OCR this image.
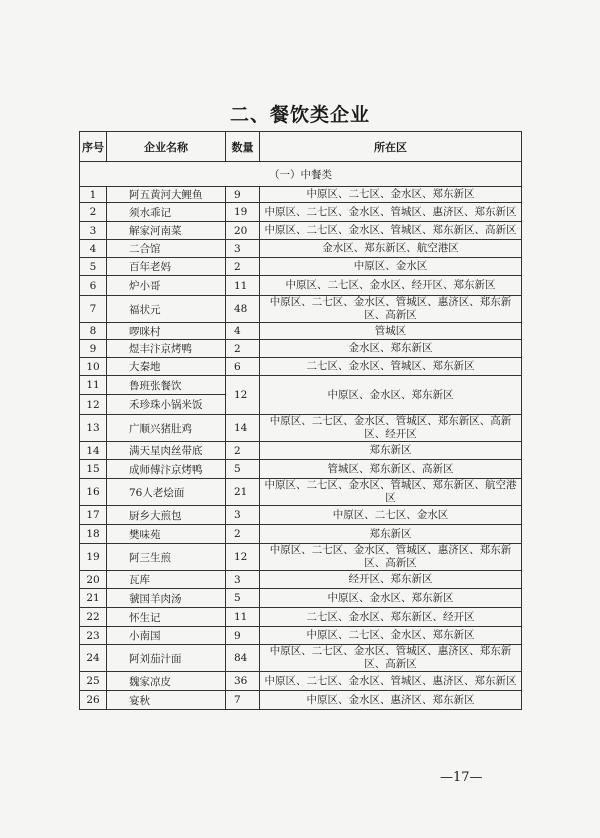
二、餐饮类企业
序号	企业名称	数量	所在区
（一）中餐类			
1	阿五黄河大鲤鱼	9	中原区、二七区、金水区、郑东新区
2	须水乖记	19	中原区、二七区、金水区、管城区、惠济区、郑东新区
3	解家河南菜	20	中原区、二七区、金水区、管城区、郑东新区、高新区
4	二合馆	3	金水区、郑东新区、航空港区
5	百年老妈	2	中原区、金水区
6	炉小哥	11	中原区、二七区、金水区、经开区、郑东新区
7	福状元	48	中原区、二七区、金水区、管城区、惠济区、郑东新区、高新区
8	啰咪村	4	管城区
9	煜丰汴京烤鸭	2	金水区、郑东新区
10	大秦地	6	二七区、金水区、管城区、郑东新区
11	鲁班张餐饮	12	中原区、金水区、郑东新区
12	禾珍珠小锅米饭		
13	广顺兴猪肚鸡	14	中原区、二七区、金水区、管城区、郑东新区、高新区、经开区
14	满天星肉丝带底	2	郑东新区
15	成师傅汴京烤鸭	5	管城区、郑东新区、高新区
16	76人老烩面	21	中原区、二七区、金水区、管城区、郑东新区、航空港区
17	厨乡大煎包	3	中原区、二七区、金水区
18	樊味苑	2	郑东新区
19	阿三生煎	12	中原区、二七区、金水区、管城区、惠济区、郑东新区、高新区
20	瓦库	3	经开区、郑东新区
21	虢国羊肉汤	5	中原区、金水区、郑东新区
22	怀生记	11	二七区、金水区、郑东新区、经开区
23	小南国	9	中原区、二七区、金水区、郑东新区
24	阿刘茄汁面	84	中原区、二七区、金水区、管城区、惠济区、郑东新区、高新区
25	魏家凉皮	36	中原区、二七区、金水区、管城区、惠济区、郑东新区
26	宴秋	7	中原区、金水区、惠济区、郑东新区
—17—
